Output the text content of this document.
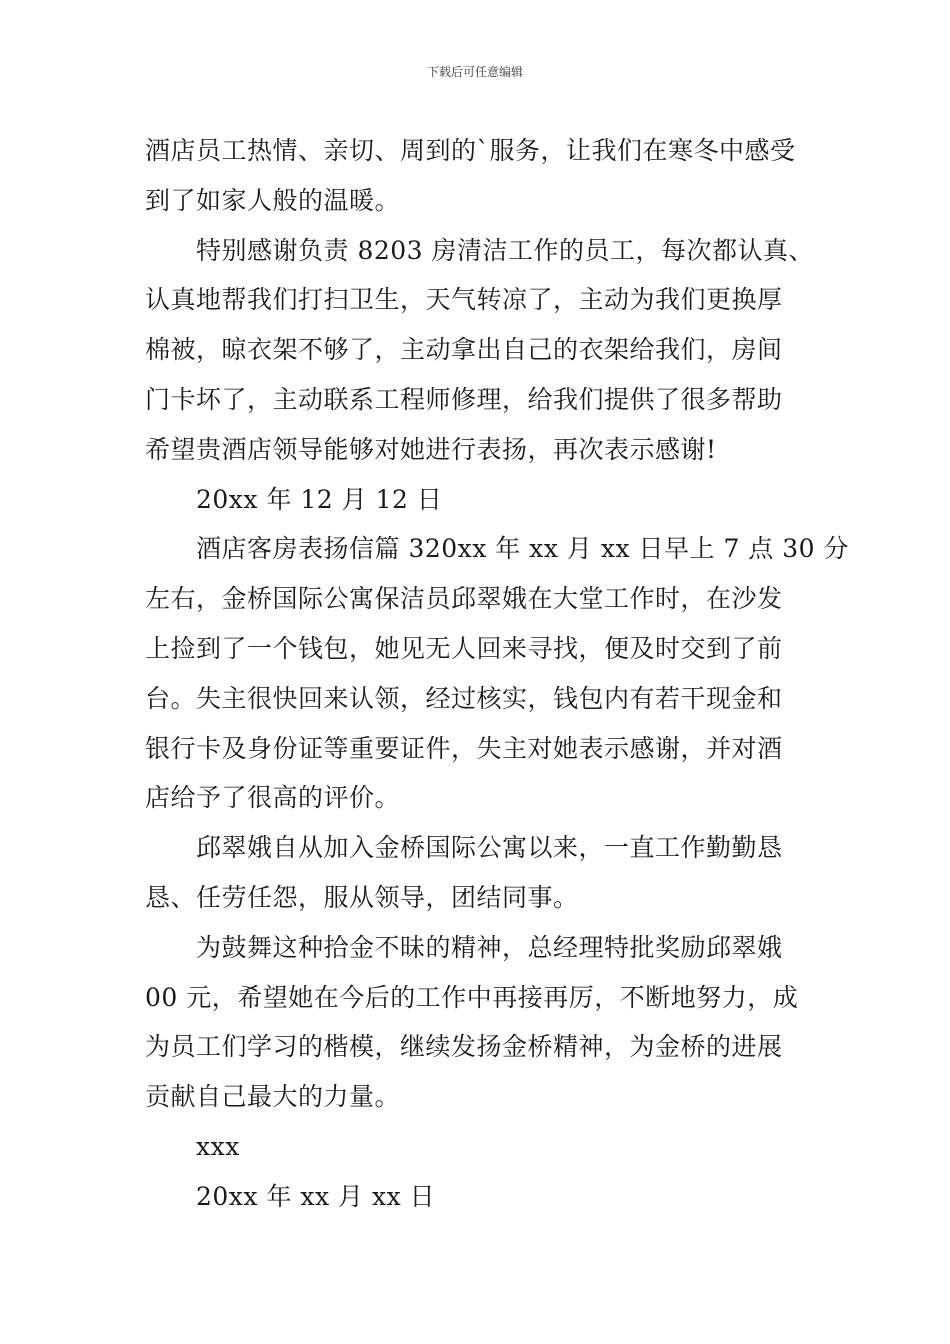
下载后可任意编辑
酒店员工热情、亲切、周到的`服务，让我们在寒冬中感受
到了如家人般的温暖。
特别感谢负责 8203 房清洁工作的员工，每次都认真、
认真地帮我们打扫卫生，天气转凉了，主动为我们更换厚
棉被，晾衣架不够了，主动拿出自己的衣架给我们，房间
门卡坏了，主动联系工程师修理，给我们提供了很多帮助
希望贵酒店领导能够对她进行表扬，再次表示感谢!
20xx 年 12 月 12 日
酒店客房表扬信篇 320xx 年 xx 月 xx 日早上 7 点 30 分
左右，金桥国际公寓保洁员邱翠娥在大堂工作时，在沙发
上捡到了一个钱包，她见无人回来寻找，便及时交到了前
台。失主很快回来认领，经过核实，钱包内有若干现金和
银行卡及身份证等重要证件，失主对她表示感谢，并对酒
店给予了很高的评价。
邱翠娥自从加入金桥国际公寓以来，一直工作勤勤恳
恳、任劳任怨，服从领导，团结同事。
为鼓舞这种拾金不昧的精神，总经理特批奖励邱翠娥
00 元，希望她在今后的工作中再接再厉，不断地努力，成
为员工们学习的楷模，继续发扬金桥精神，为金桥的进展
贡献自己最大的力量。
xxx
20xx 年 xx 月 xx 日
